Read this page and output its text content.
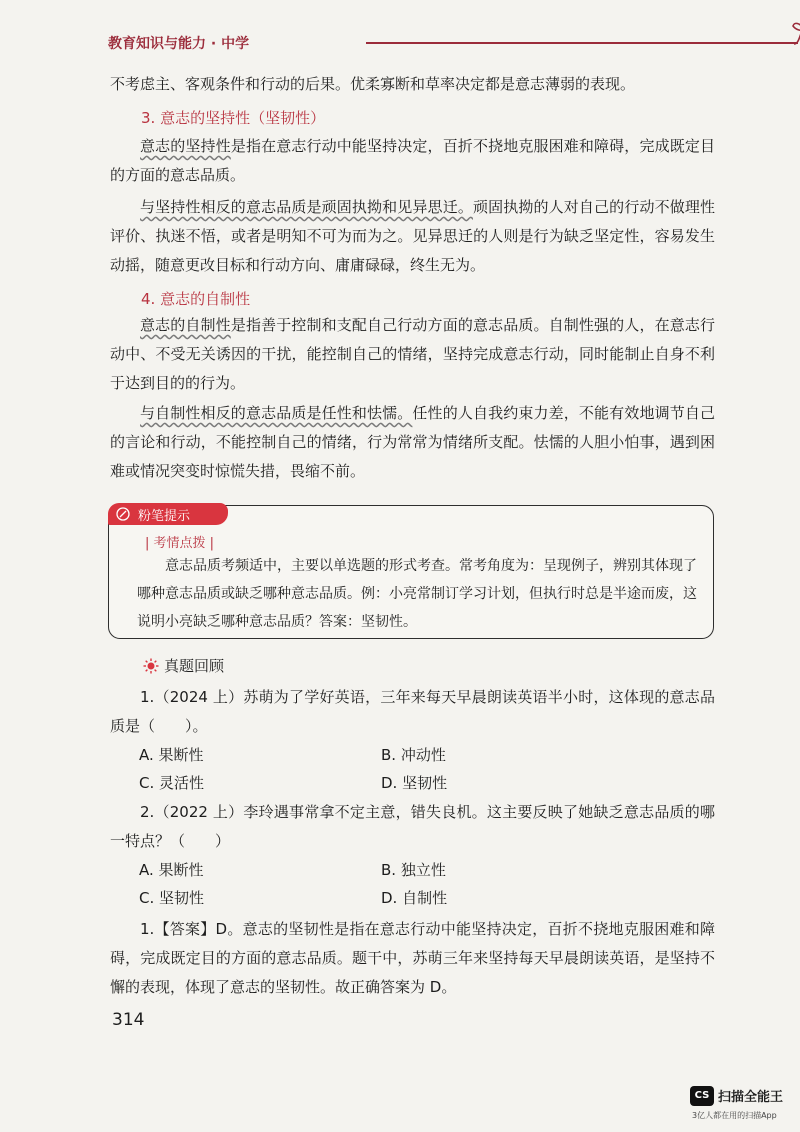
教育知识与能力 · 中学

不考虑主、客观条件和行动的后果。优柔寡断和草率决定都是意志薄弱的表现。

3. 意志的坚持性（坚韧性）

意志的坚持性是指在意志行动中能坚持决定，百折不挠地克服困难和障碍，完成既定目的方面的意志品质。

与坚持性相反的意志品质是顽固执拗和见异思迁。顽固执拗的人对自己的行动不做理性评价、执迷不悟，或者是明知不可为而为之。见异思迁的人则是行为缺乏坚定性，容易发生动摇，随意更改目标和行动方向、庸庸碌碌，终生无为。

4. 意志的自制性

意志的自制性是指善于控制和支配自己行动方面的意志品质。自制性强的人，在意志行动中、不受无关诱因的干扰，能控制自己的情绪，坚持完成意志行动，同时能制止自身不利于达到目的的行为。

与自制性相反的意志品质是任性和怯懦。任性的人自我约束力差，不能有效地调节自己的言论和行动，不能控制自己的情绪，行为常常为情绪所支配。怯懦的人胆小怕事，遇到困难或情况突变时惊慌失措，畏缩不前。

粉笔提示
| 考情点拨 |

意志品质考频适中，主要以单选题的形式考查。常考角度为：呈现例子，辨别其体现了哪种意志品质或缺乏哪种意志品质。例：小亮常制订学习计划，但执行时总是半途而废，这说明小亮缺乏哪种意志品质？答案：坚韧性。

真题回顾

1.（2024 上）苏萌为了学好英语，三年来每天早晨朗读英语半小时，这体现的意志品质是（　　）。

A. 果断性	B. 冲动性
C. 灵活性	D. 坚韧性

2.（2022 上）李玲遇事常拿不定主意，错失良机。这主要反映了她缺乏意志品质的哪一特点？（　　）

A. 果断性	B. 独立性
C. 坚韧性	D. 自制性

1.【答案】D。意志的坚韧性是指在意志行动中能坚持决定，百折不挠地克服困难和障碍，完成既定目的方面的意志品质。题干中，苏萌三年来坚持每天早晨朗读英语，是坚持不懈的表现，体现了意志的坚韧性。故正确答案为 D。

314
CS 扫描全能王
3亿人都在用的扫描App
